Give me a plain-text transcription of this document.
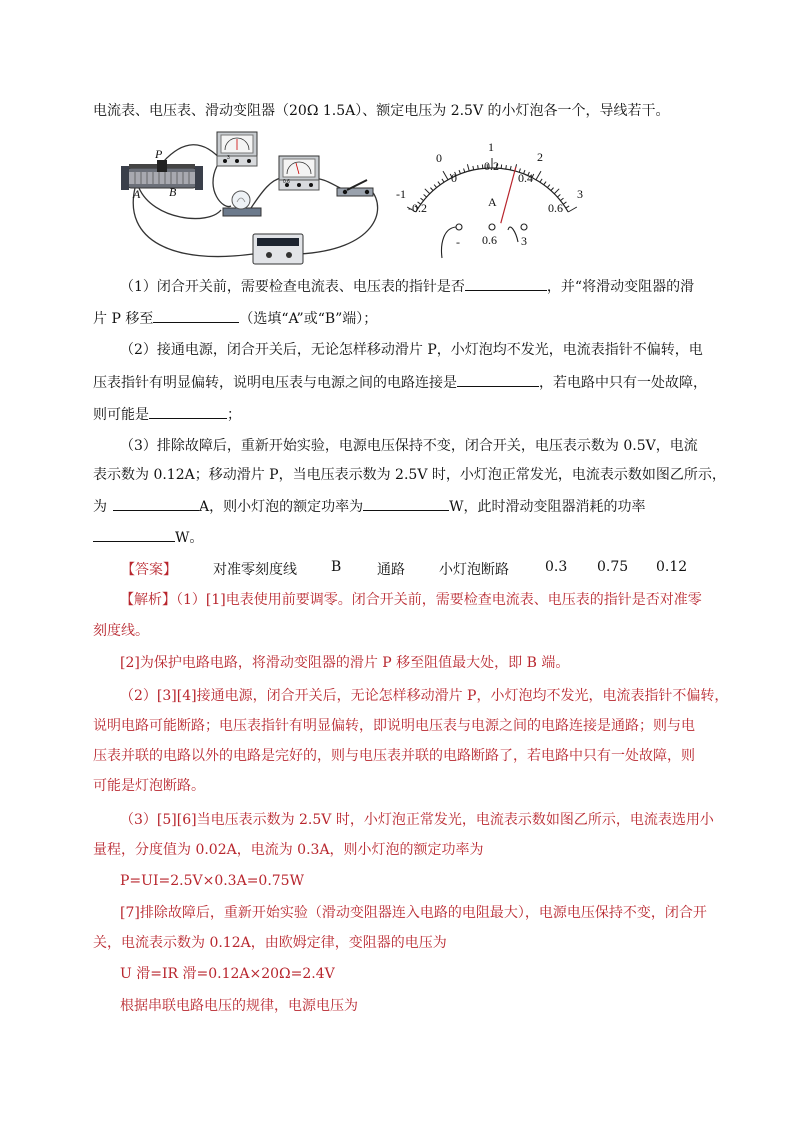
电流表、电压表、滑动变阻器（20Ω 1.5A）、额定电压为 2.5V 的小灯泡各一个，导线若干。
P
A B
3
0.6
0
1
2
3
-1
0
0.2
0.4
0.6
-0.2	A
- 0.6 3
（1）闭合开关前，需要检查电流表、电压表的指针是否	，并“将滑动变阻器的滑
片 P 移至	（选填“A”或“B”端）；
（2）接通电源，闭合开关后，无论怎样移动滑片 P，小灯泡均不发光，电流表指针不偏转，电
压表指针有明显偏转，说明电压表与电源之间的电路连接是	，若电路中只有一处故障，
则可能是	；
（3）排除故障后，重新开始实验，电源电压保持不变，闭合开关，电压表示数为 0.5V，电流
表示数为 0.12A；移动滑片 P，当电压表示数为 2.5V 时，小灯泡正常发光，电流表示数如图乙所示，
为	A，则小灯泡的额定功率为	W，此时滑动变阻器消耗的功率
W。
【答案】	对准零刻度线 B	通路 小灯泡断路	0.3 0.75 0.12
【解析】（1）[1]电表使用前要调零。闭合开关前，需要检查电流表、电压表的指针是否对准零
刻度线。
[2]为保护电路电路，将滑动变阻器的滑片 P 移至阻值最大处，即 B 端。
（2）[3][4]接通电源，闭合开关后，无论怎样移动滑片 P，小灯泡均不发光，电流表指针不偏转，
说明电路可能断路；电压表指针有明显偏转，即说明电压表与电源之间的电路连接是通路；则与电
压表并联的电路以外的电路是完好的，则与电压表并联的电路断路了，若电路中只有一处故障，则
可能是灯泡断路。
（3）[5][6]当电压表示数为 2.5V 时，小灯泡正常发光，电流表示数如图乙所示，电流表选用小
量程，分度值为 0.02A，电流为 0.3A，则小灯泡的额定功率为
P=UI=2.5V×0.3A=0.75W
[7]排除故障后，重新开始实验（滑动变阻器连入电路的电阻最大），电源电压保持不变，闭合开
关，电流表示数为 0.12A，由欧姆定律，变阻器的电压为
U 滑=IR 滑=0.12A×20Ω=2.4V
根据串联电路电压的规律，电源电压为
